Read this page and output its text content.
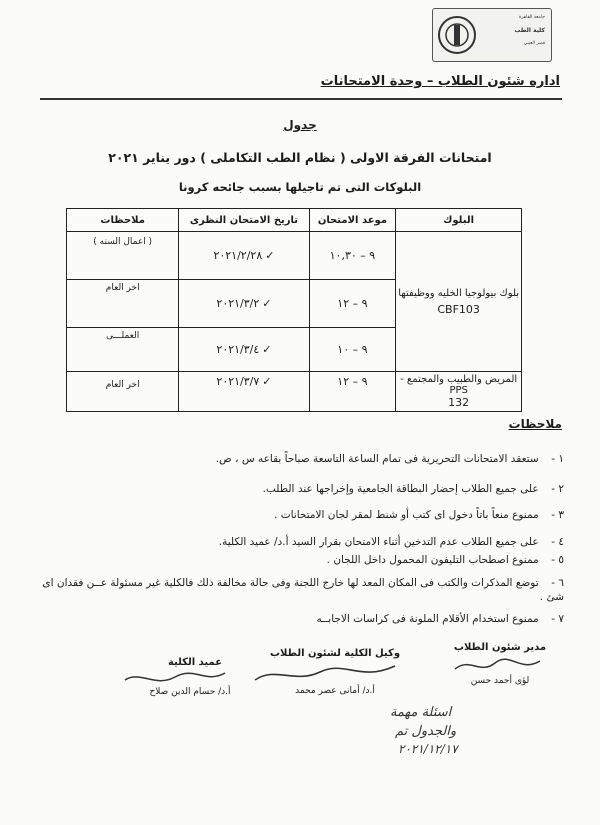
جامعة القاهرة
كلية الطب
قصر العيني
اداره شئون الطلاب – وحدة الامتحانات
جدول
امتحانات الفرقة الاولى ( نظام الطب التكاملى ) دور يناير ٢٠٢١
البلوكات التى تم تاجيلها بسبب جائحه كرونا
البلوك	موعد الامتحان	تاريخ الامتحان النظرى	ملاحظات

بلوك بيولوجيا الخليه ووظيفتها
CBF103	٩ – ١٠,٣٠	✓٢٠٢١/٢/٢٨	( اعمال السنه )
	٩ – ١٢	✓٢٠٢١/٣/٢	اخر العام
	٩ – ١٠	✓٢٠٢١/٣/٤	العملـــى

المريض والطبيب والمجتمع -PPS
132	٩ – ١٢	✓٢٠٢١/٣/٧	اخر العام
ملاحظات
١ - ستعقد الامتحانات التحريرية فى تمام الساعة التاسعة صباحاً بقاعه س ، ص.
٢ - على جميع الطلاب إحضار البطاقة الجامعية وإخراجها عند الطلب.
٣ - ممنوع منعاً باتاً دخول اى كتب أو شنط لمقر لجان الامتحانات .
٤ - على جميع الطلاب عدم التدخين أثناء الامتحان بقرار السيد أ.د/ عميد الكلية.
٥ - ممنوع اصطحاب التليفون المحمول داخل اللجان .
٦ - توضع المذكرات والكتب فى المكان المعد لها خارج اللجنة وفى حالة مخالفة ذلك فالكلية غير مسئولة عــن فقدان اى شئ .
٧ - ممنوع استخدام الأقلام الملونة فى كراسات الاجابــه
مدير شئون الطلاب
لؤى أحمد حسن
وكيل الكلية لشئون الطلاب
أ.د/ أمانى عصر محمد
عميد الكلية
أ.د/ حسام الدين صلاح
اسئلة مهمة
والجدول تم
٢٠٢١/١٢/١٧
